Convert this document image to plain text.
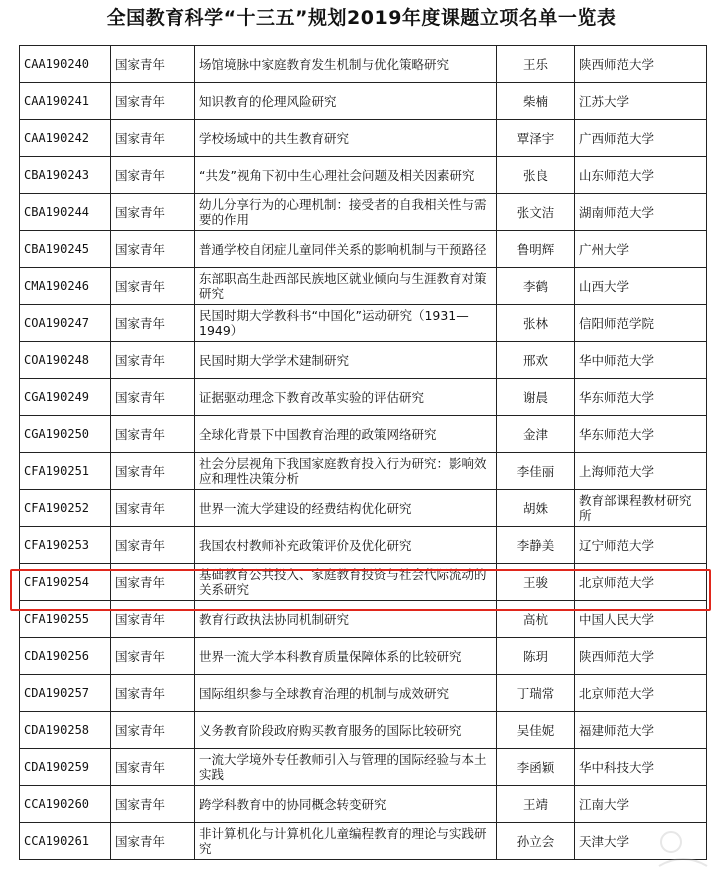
全国教育科学“十三五”规划2019年度课题立项名单一览表
CAA190240	国家青年	场馆境脉中家庭教育发生机制与优化策略研究	王乐	陕西师范大学
CAA190241	国家青年	知识教育的伦理风险研究	柴楠	江苏大学
CAA190242	国家青年	学校场域中的共生教育研究	覃泽宇	广西师范大学
CBA190243	国家青年	“共发”视角下初中生心理社会问题及相关因素研究	张良	山东师范大学
CBA190244	国家青年	幼儿分享行为的心理机制：接受者的自我相关性与需要的作用	张文洁	湖南师范大学
CBA190245	国家青年	普通学校自闭症儿童同伴关系的影响机制与干预路径	鲁明辉	广州大学
CMA190246	国家青年	东部职高生赴西部民族地区就业倾向与生涯教育对策研究	李鹤	山西大学
COA190247	国家青年	民国时期大学教科书“中国化”运动研究（1931—1949）	张林	信阳师范学院
COA190248	国家青年	民国时期大学学术建制研究	邢欢	华中师范大学
CGA190249	国家青年	证据驱动理念下教育改革实验的评估研究	谢晨	华东师范大学
CGA190250	国家青年	全球化背景下中国教育治理的政策网络研究	金津	华东师范大学
CFA190251	国家青年	社会分层视角下我国家庭教育投入行为研究：影响效应和理性决策分析	李佳丽	上海师范大学
CFA190252	国家青年	世界一流大学建设的经费结构优化研究	胡姝	教育部课程教材研究所
CFA190253	国家青年	我国农村教师补充政策评价及优化研究	李静美	辽宁师范大学
CFA190254	国家青年	基础教育公共投入、家庭教育投资与社会代际流动的关系研究	王骏	北京师范大学
CFA190255	国家青年	教育行政执法协同机制研究	高杭	中国人民大学
CDA190256	国家青年	世界一流大学本科教育质量保障体系的比较研究	陈玥	陕西师范大学
CDA190257	国家青年	国际组织参与全球教育治理的机制与成效研究	丁瑞常	北京师范大学
CDA190258	国家青年	义务教育阶段政府购买教育服务的国际比较研究	吴佳妮	福建师范大学
CDA190259	国家青年	一流大学境外专任教师引入与管理的国际经验与本土实践	李函颖	华中科技大学
CCA190260	国家青年	跨学科教育中的协同概念转变研究	王靖	江南大学
CCA190261	国家青年	非计算机化与计算机化儿童编程教育的理论与实践研究	孙立会	天津大学
